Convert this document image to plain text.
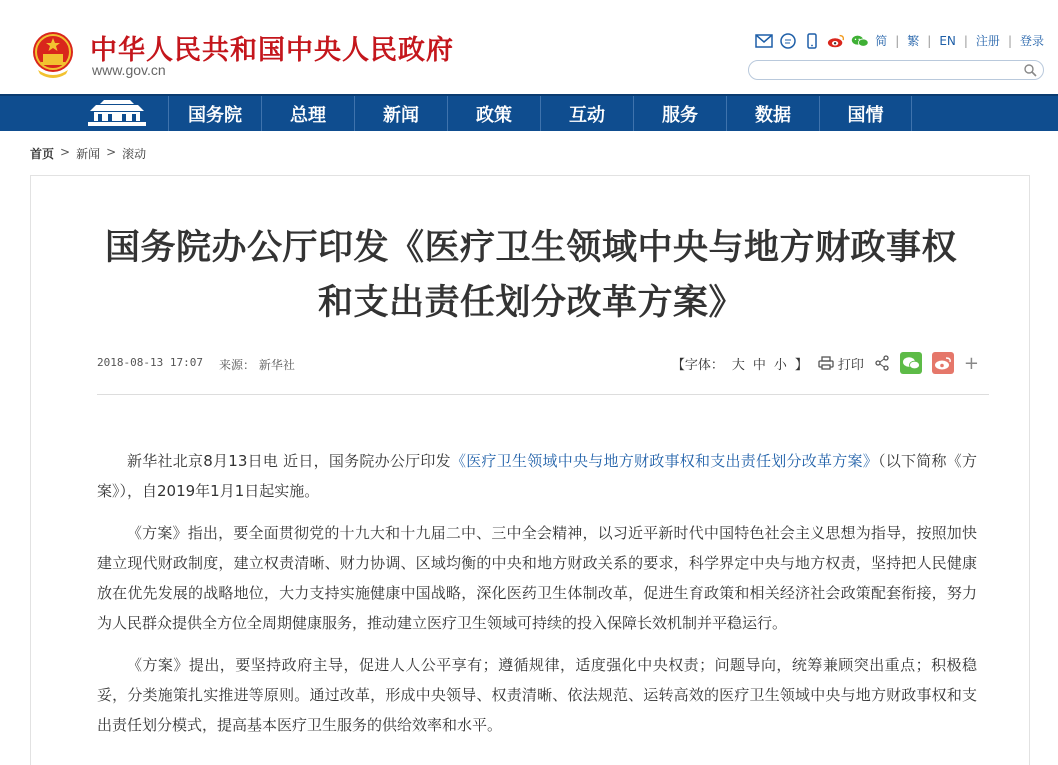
中华人民共和国中央人民政府
www.gov.cn
简 | 繁 | EN | 注册 | 登录
国务院	总理	新闻	政策	互动	服务	数据	国情
首页 > 新闻 > 滚动
国务院办公厅印发《医疗卫生领域中央与地方财政事权和支出责任划分改革方案》
2018-08-13 17:07 来源： 新华社	【字体： 大 中 小 】 打印	+

新华社北京8月13日电 近日，国务院办公厅印发《医疗卫生领域中央与地方财政事权和支出责任划分改革方案》（以下简称《方案》），自2019年1月1日起实施。

《方案》指出，要全面贯彻党的十九大和十九届二中、三中全会精神，以习近平新时代中国特色社会主义思想为指导，按照加快建立现代财政制度，建立权责清晰、财力协调、区域均衡的中央和地方财政关系的要求，科学界定中央与地方权责，坚持把人民健康放在优先发展的战略地位，大力支持实施健康中国战略，深化医药卫生体制改革，促进生育政策和相关经济社会政策配套衔接，努力为人民群众提供全方位全周期健康服务，推动建立医疗卫生领域可持续的投入保障长效机制并平稳运行。

《方案》提出，要坚持政府主导，促进人人公平享有；遵循规律，适度强化中央权责；问题导向，统筹兼顾突出重点；积极稳妥，分类施策扎实推进等原则。通过改革，形成中央领导、权责清晰、依法规范、运转高效的医疗卫生领域中央与地方财政事权和支出责任划分模式，提高基本医疗卫生服务的供给效率和水平。
